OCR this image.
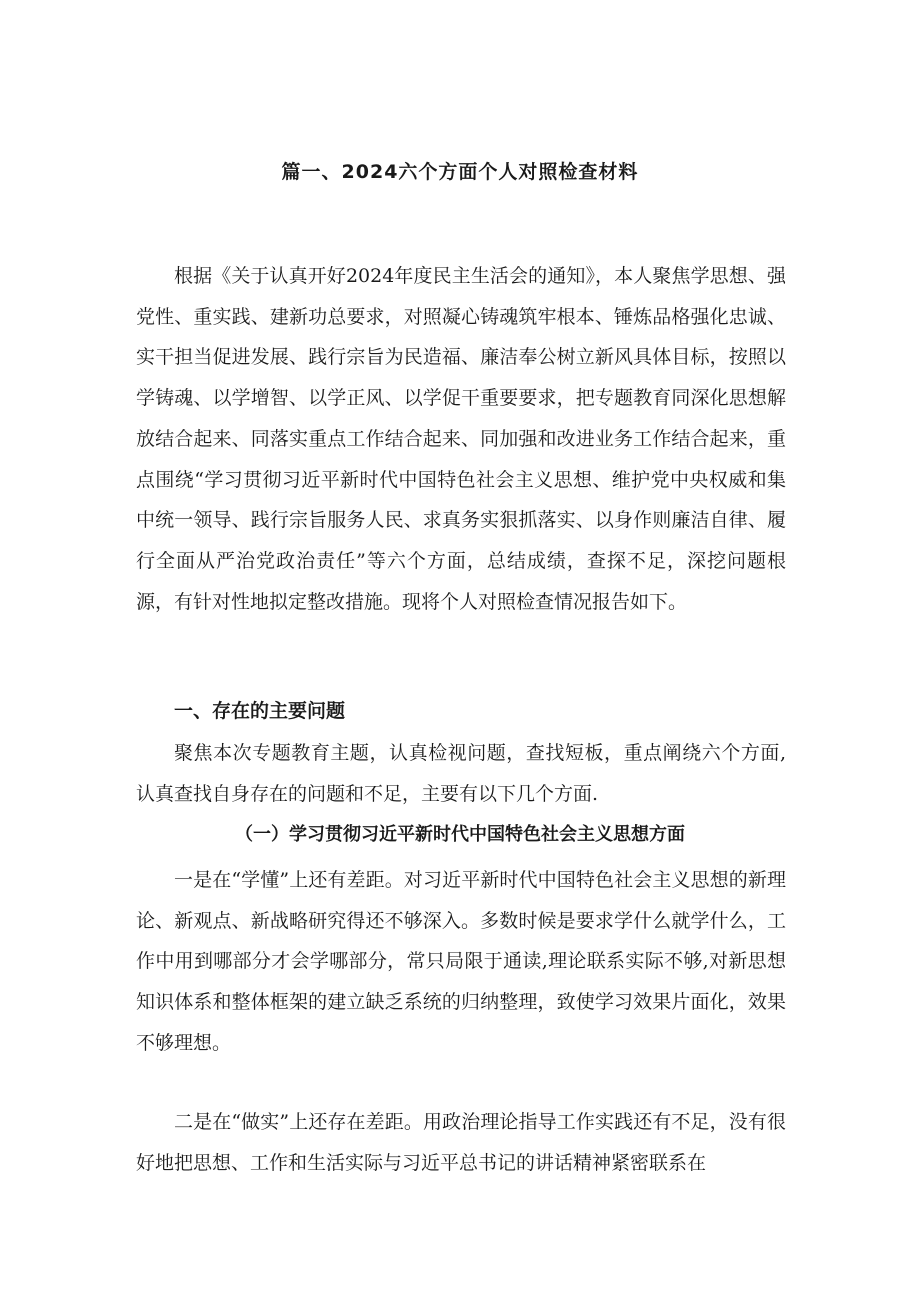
篇一、2024六个方面个人对照检查材料

根据《关于认真开好2024年度民主生活会的通知》，本人聚焦学思想、强党性、重实践、建新功总要求，对照凝心铸魂筑牢根本、锤炼品格强化忠诚、实干担当促进发展、践行宗旨为民造福、廉洁奉公树立新风具体目标，按照以学铸魂、以学增智、以学正风、以学促干重要要求，把专题教育同深化思想解放结合起来、同落实重点工作结合起来、同加强和改进业务工作结合起来，重点围绕“学习贯彻习近平新时代中国特色社会主义思想、维护党中央权威和集中统一领导、践行宗旨服务人民、求真务实狠抓落实、以身作则廉洁自律、履行全面从严治党政治责任”等六个方面，总结成绩，查探不足，深挖问题根源，有针对性地拟定整改措施。现将个人对照检查情况报告如下。

一、存在的主要问题

聚焦本次专题教育主题，认真检视问题，查找短板，重点阐绕六个方面,认真查找自身存在的问题和不足，主要有以下几个方面.

（一）学习贯彻习近平新时代中国特色社会主义思想方面

一是在“学懂”上还有差距。对习近平新时代中国特色社会主义思想的新理论、新观点、新战略研究得还不够深入。多数时候是要求学什么就学什么，工作中用到哪部分才会学哪部分，常只局限于通读,理论联系实际不够,对新思想知识体系和整体框架的建立缺乏系统的归纳整理，致使学习效果片面化，效果不够理想。

二是在“做实”上还存在差距。用政治理论指导工作实践还有不足，没有很好地把思想、工作和生活实际与习近平总书记的讲话精神紧密联系在
